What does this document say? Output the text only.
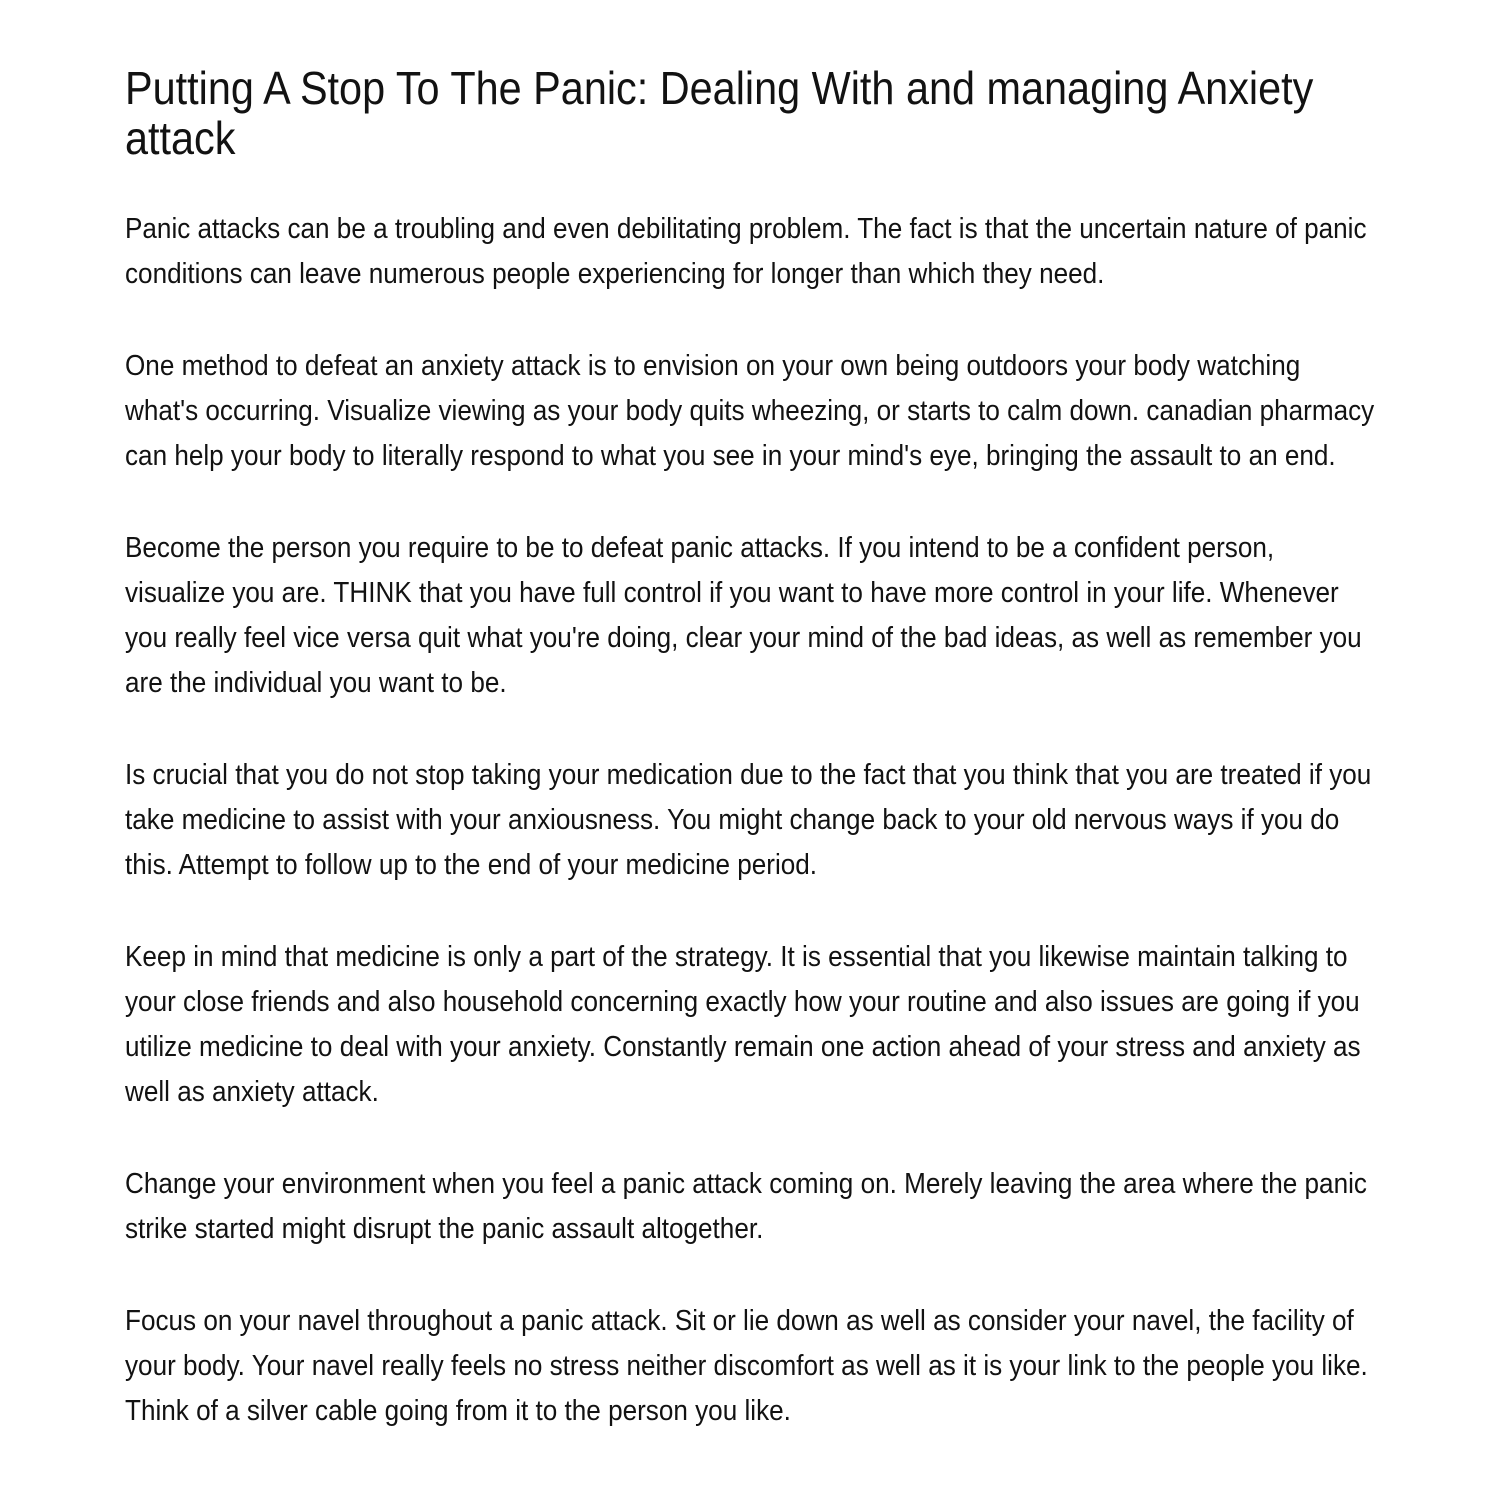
Putting A Stop To The Panic: Dealing With and managing Anxiety attack

Panic attacks can be a troubling and even debilitating problem. The fact is that the uncertain nature of panic conditions can leave numerous people experiencing for longer than which they need.

One method to defeat an anxiety attack is to envision on your own being outdoors your body watching what's occurring. Visualize viewing as your body quits wheezing, or starts to calm down. canadian pharmacy can help your body to literally respond to what you see in your mind's eye, bringing the assault to an end.

Become the person you require to be to defeat panic attacks. If you intend to be a confident person, visualize you are. THINK that you have full control if you want to have more control in your life. Whenever you really feel vice versa quit what you're doing, clear your mind of the bad ideas, as well as remember you are the individual you want to be.

Is crucial that you do not stop taking your medication due to the fact that you think that you are treated if you take medicine to assist with your anxiousness. You might change back to your old nervous ways if you do this. Attempt to follow up to the end of your medicine period.

Keep in mind that medicine is only a part of the strategy. It is essential that you likewise maintain talking to your close friends and also household concerning exactly how your routine and also issues are going if you utilize medicine to deal with your anxiety. Constantly remain one action ahead of your stress and anxiety as well as anxiety attack.

Change your environment when you feel a panic attack coming on. Merely leaving the area where the panic strike started might disrupt the panic assault altogether.

Focus on your navel throughout a panic attack. Sit or lie down as well as consider your navel, the facility of your body. Your navel really feels no stress neither discomfort as well as it is your link to the people you like. Think of a silver cable going from it to the person you like.
